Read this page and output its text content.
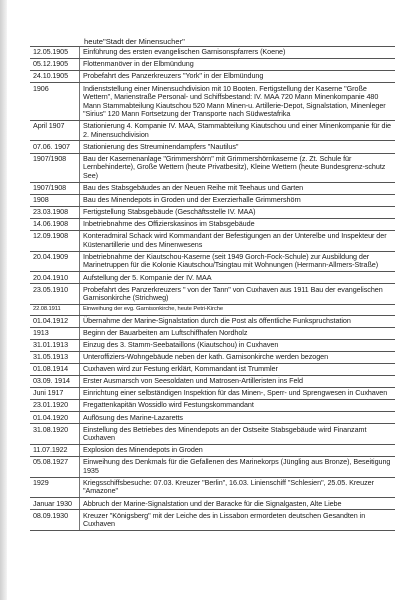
heute"Stadt der Minensucher"
12.05.1905	Einführung des ersten evangelischen Garnisonspfarrers (Koene)
05.12.1905	Flottenmanöver in der Elbmündung
24.10.1905	Probefahrt des Panzerkreuzers "York" in der Elbmündung
1906	Indienststellung einer Minensuchdivision mit 10 Booten. Fertigstellung der Kaserne "Große Wettern", Marienstraße Personal- und Schiffsbestand: IV. MAA 720 Mann Minenkompanie 480 Mann Stammabteilung Kiautschou 520 Mann Minen-u. Artillerie-Depot, Signalstation, Minenleger "Sirius" 120 Mann Fortsetzung der Transporte nach Südwestafrika
April 1907	Stationierung 4. Kompanie IV. MAA, Stammabteilung Kiautschou und einer Minenkompanie für die 2. Minensuchdivision
07.06. 1907	Stationierung des Streuminendampfers "Nautilus"
1907/1908	Bau der Kasernenanlage "Grimmershörn" mit Grimmershörnkaserne (z. Zt. Schule für Lernbehinderte), Große Wettern (heute Privatbesitz), Kleine Wettern (heute Bundesgrenz-schutz See)
1907/1908	Bau des Stabsgebäudes an der Neuen Reihe mit Teehaus und Garten
1908	Bau des Minendepots in Groden und der Exerzierhalle Grimmershörn
23.03.1908	Fertigstellung Stabsgebäude (Geschäftsstelle IV. MAA)
14.06.1908	Inbetriebnahme des Offizierskasinos im Stabsgebäude
12.09.1908	Konteradmiral Schack wird Kommandant der Befestigungen an der Unterelbe und Inspekteur der Küstenartillerie und des Minenwesens
20.04.1909	Inbetriebnahme der Kiautschou-Kaserne (seit 1949 Gorch-Fock-Schule) zur Ausbildung der Marinetruppen für die Kolonie Kiautschou/Tsingtau mit Wohnungen (Hermann-Allmers-Straße)
20.04.1910	Aufstellung der 5. Kompanie der IV. MAA
23.05.1910	Probefahrt des Panzerkreuzers " von der Tann" von Cuxhaven aus 1911 Bau der evangelischen Garnisonkirche (Strichweg)
22.08.1911	Einweihung der evg. Garnisonkirche, heute Petri-Kirche
01.04.1912	Übernahme der Marine-Signalstation durch die Post als öffentliche Funkspruchstation
1913	Beginn der Bauarbeiten am Luftschiffhafen Nordholz
31.01.1913	Einzug des 3. Stamm-Seebataillons (Kiautschou) in Cuxhaven
31.05.1913	Unteroffiziers-Wohngebäude neben der kath. Garnisonkirche werden bezogen
01.08.1914	Cuxhaven wird zur Festung erklärt, Kommandant ist Trummler
03.09. 1914	Erster Ausmarsch von Seesoldaten und Matrosen-Artilleristen ins Feld
Juni 1917	Einrichtung einer selbständigen Inspektion für das Minen-, Sperr- und Sprengwesen in Cuxhaven
23.01.1920	Fregattenkapitän Wossidlo wird Festungskommandant
01.04.1920	Auflösung des Marine-Lazaretts
31.08.1920	Einstellung des Betriebes des Minendepots an der Ostseite Stabsgebäude wird Finanzamt Cuxhaven
11.07.1922	Explosion des Minendepots in Groden
05.08.1927	Einweihung des Denkmals für die Gefallenen des Marinekorps (Jüngling aus Bronze), Beseitigung 1935
1929	Kriegsschiffsbesuche: 07.03. Kreuzer "Berlin", 16.03. Linienschiff "Schlesien", 25.05. Kreuzer "Amazone"
Januar 1930	Abbruch der Marine-Signalstation und der Baracke für die Signalgasten, Alte Liebe
08.09.1930	Kreuzer "Königsberg" mit der Leiche des in Lissabon ermordeten deutschen Gesandten in Cuxhaven
